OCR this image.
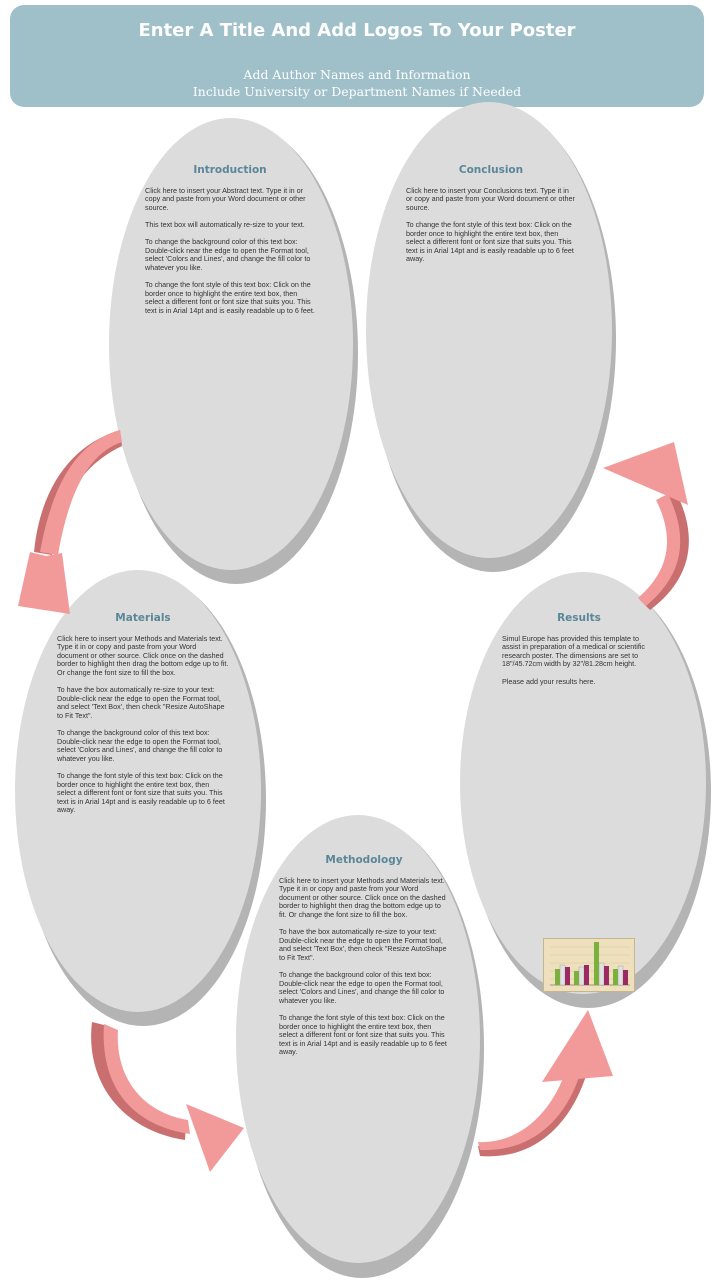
Enter A Title And Add Logos To Your Poster
Add Author Names and Information
Include University or Department Names if Needed
Introduction

Click here to insert your Abstract text. Type it in or copy and paste from your Word document or other source.

This text box will automatically re-size to your text.

To change the background color of this text box: Double-click near the edge to open the Format tool, select 'Colors and Lines', and change the fill color to whatever you like.

To change the font style of this text box: Click on the border once to highlight the entire text box, then select a different font or font size that suits you. This text is in Arial 14pt and is easily readable up to 6 feet.

Conclusion

Click here to insert your Conclusions text. Type it in or copy and paste from your Word document or other source.

To change the font style of this text box: Click on the border once to highlight the entire text box, then select a different font or font size that suits you. This text is in Arial 14pt and is easily readable up to 6 feet away.

Materials

Click here to insert your Methods and Materials text. Type it in or copy and paste from your Word document or other source. Click once on the dashed border to highlight then drag the bottom edge up to fit. Or change the font size to fill the box.

To have the box automatically re-size to your text: Double-click near the edge to open the Format tool, and select 'Text Box', then check "Resize AutoShape to Fit Text".

To change the background color of this text box: Double-click near the edge to open the Format tool, select 'Colors and Lines', and change the fill color to whatever you like.

To change the font style of this text box: Click on the border once to highlight the entire text box, then select a different font or font size that suits you. This text is in Arial 14pt and is easily readable up to 6 feet away.

Results

Simul Europe has provided this template to assist in preparation of a medical or scientific research poster. The dimensions are set to 18"/45.72cm width by 32"/81.28cm height.

Please add your results here.

Methodology

Click here to insert your Methods and Materials text. Type it in or copy and paste from your Word document or other source. Click once on the dashed border to highlight then drag the bottom edge up to fit. Or change the font size to fill the box.

To have the box automatically re-size to your text: Double-click near the edge to open the Format tool, and select 'Text Box', then check "Resize AutoShape to Fit Text".

To change the background color of this text box: Double-click near the edge to open the Format tool, select 'Colors and Lines', and change the fill color to whatever you like.

To change the font style of this text box: Click on the border once to highlight the entire text box, then select a different font or font size that suits you. This text is in Arial 14pt and is easily readable up to 6 feet away.
